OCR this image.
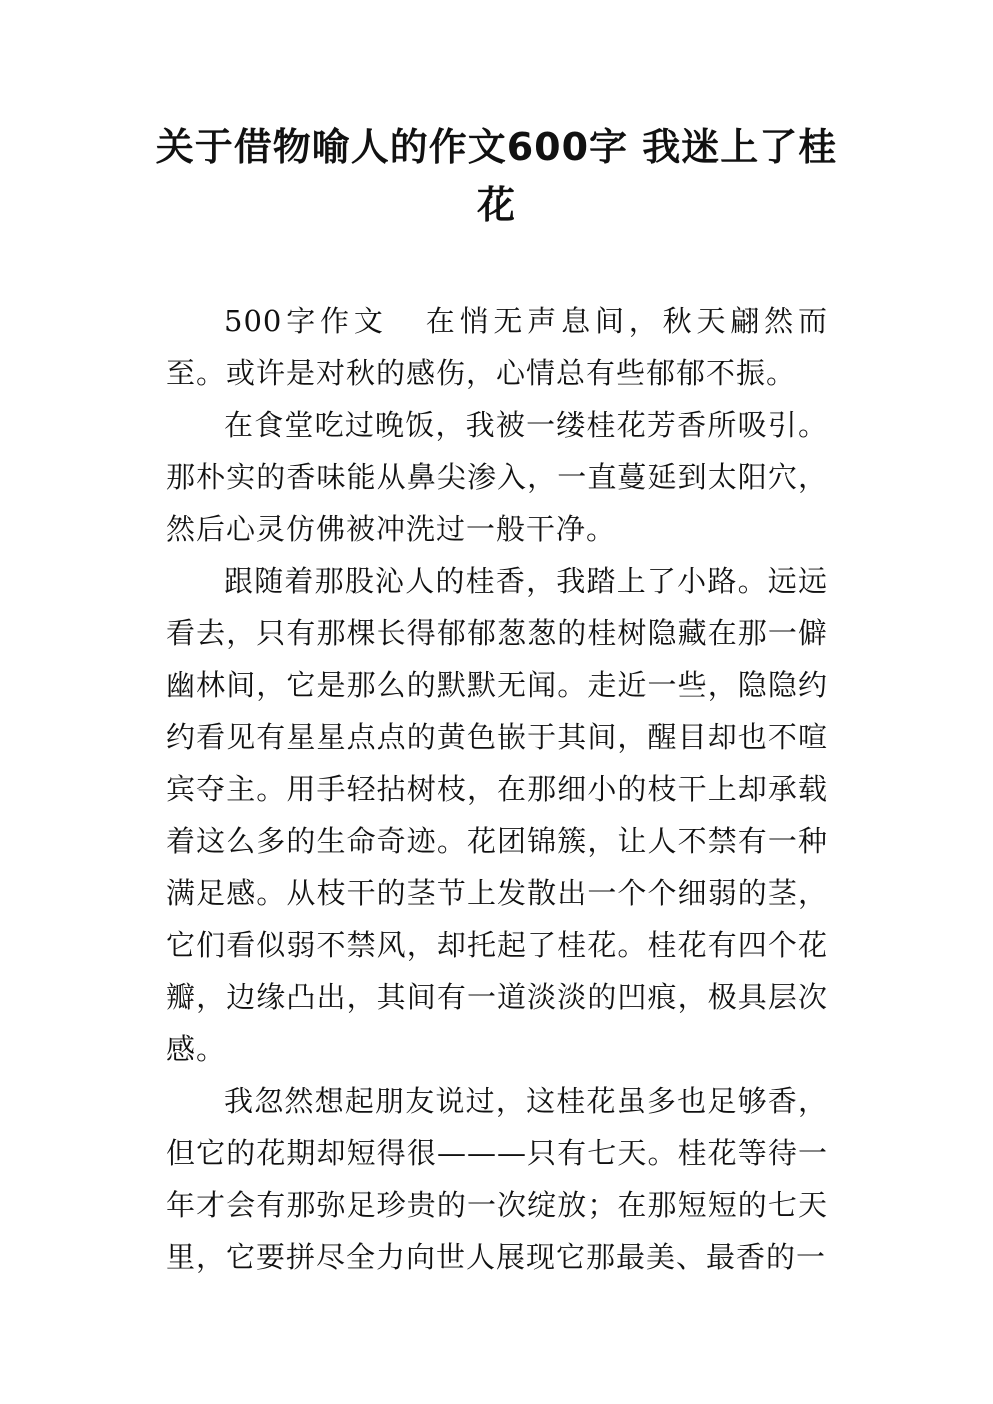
关于借物喻人的作文600字 我迷上了桂花

500字作文 在悄无声息间，秋天翩然而至。或许是对秋的感伤，心情总有些郁郁不振。

在食堂吃过晚饭，我被一缕桂花芳香所吸引。那朴实的香味能从鼻尖渗入，一直蔓延到太阳穴，然后心灵仿佛被冲洗过一般干净。

跟随着那股沁人的桂香，我踏上了小路。远远看去，只有那棵长得郁郁葱葱的桂树隐藏在那一僻幽林间，它是那么的默默无闻。走近一些，隐隐约约看见有星星点点的黄色嵌于其间，醒目却也不喧宾夺主。用手轻拈树枝，在那细小的枝干上却承载着这么多的生命奇迹。花团锦簇，让人不禁有一种满足感。从枝干的茎节上发散出一个个细弱的茎，它们看似弱不禁风，却托起了桂花。桂花有四个花瓣，边缘凸出，其间有一道淡淡的凹痕，极具层次感。

我忽然想起朋友说过，这桂花虽多也足够香，但它的花期却短得很———只有七天。桂花等待一年才会有那弥足珍贵的一次绽放；在那短短的七天里，它要拼尽全力向世人展现它那最美、最香的一
